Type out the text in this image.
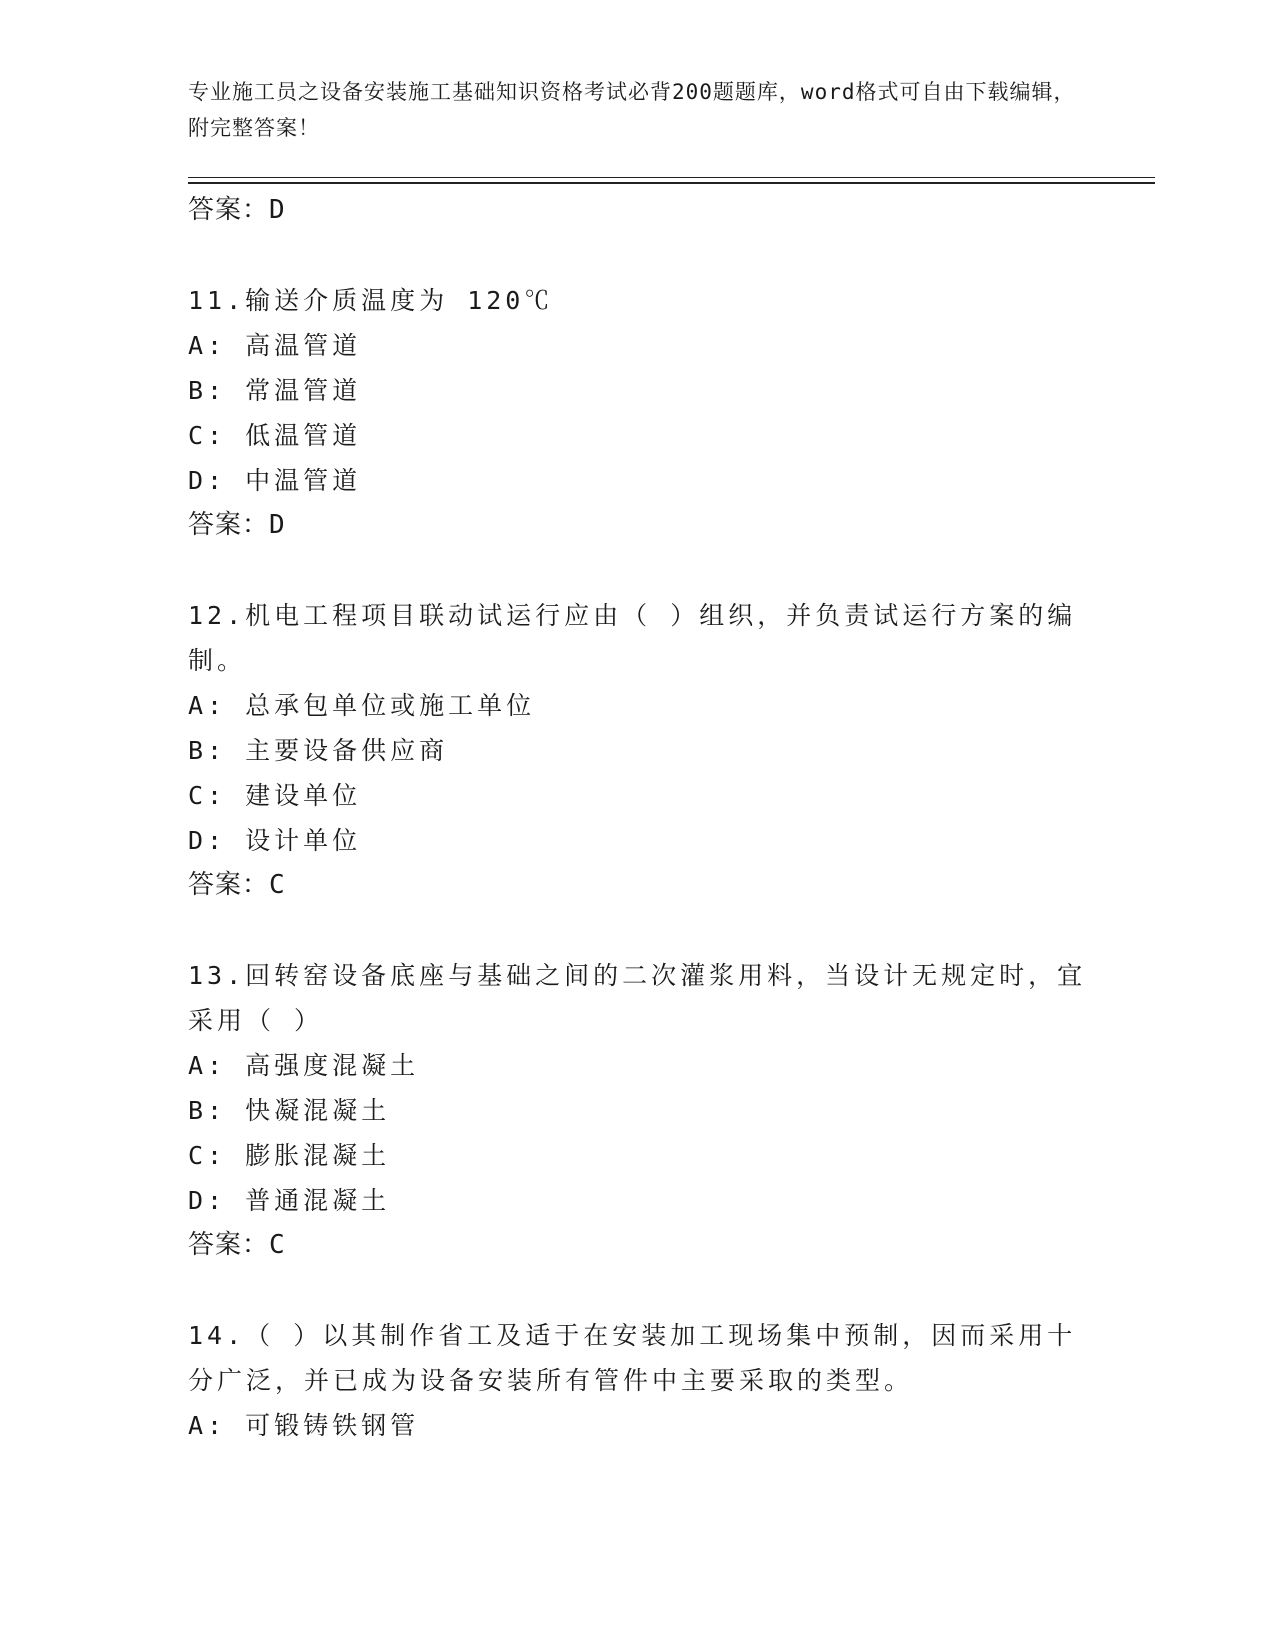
专业施工员之设备安装施工基础知识资格考试必背200题题库，word格式可自由下载编辑，附完整答案！
答案：D
11.输送介质温度为 120℃
A: 高温管道
B: 常温管道
C: 低温管道
D: 中温管道
答案：D
12.机电工程项目联动试运行应由（ ）组织，并负责试运行方案的编制。
A: 总承包单位或施工单位
B: 主要设备供应商
C: 建设单位
D: 设计单位
答案：C
13.回转窑设备底座与基础之间的二次灌浆用料，当设计无规定时，宜采用（ ）
A: 高强度混凝土
B: 快凝混凝土
C: 膨胀混凝土
D: 普通混凝土
答案：C
14.（ ）以其制作省工及适于在安装加工现场集中预制，因而采用十分广泛，并已成为设备安装所有管件中主要采取的类型。
A: 可锻铸铁钢管
